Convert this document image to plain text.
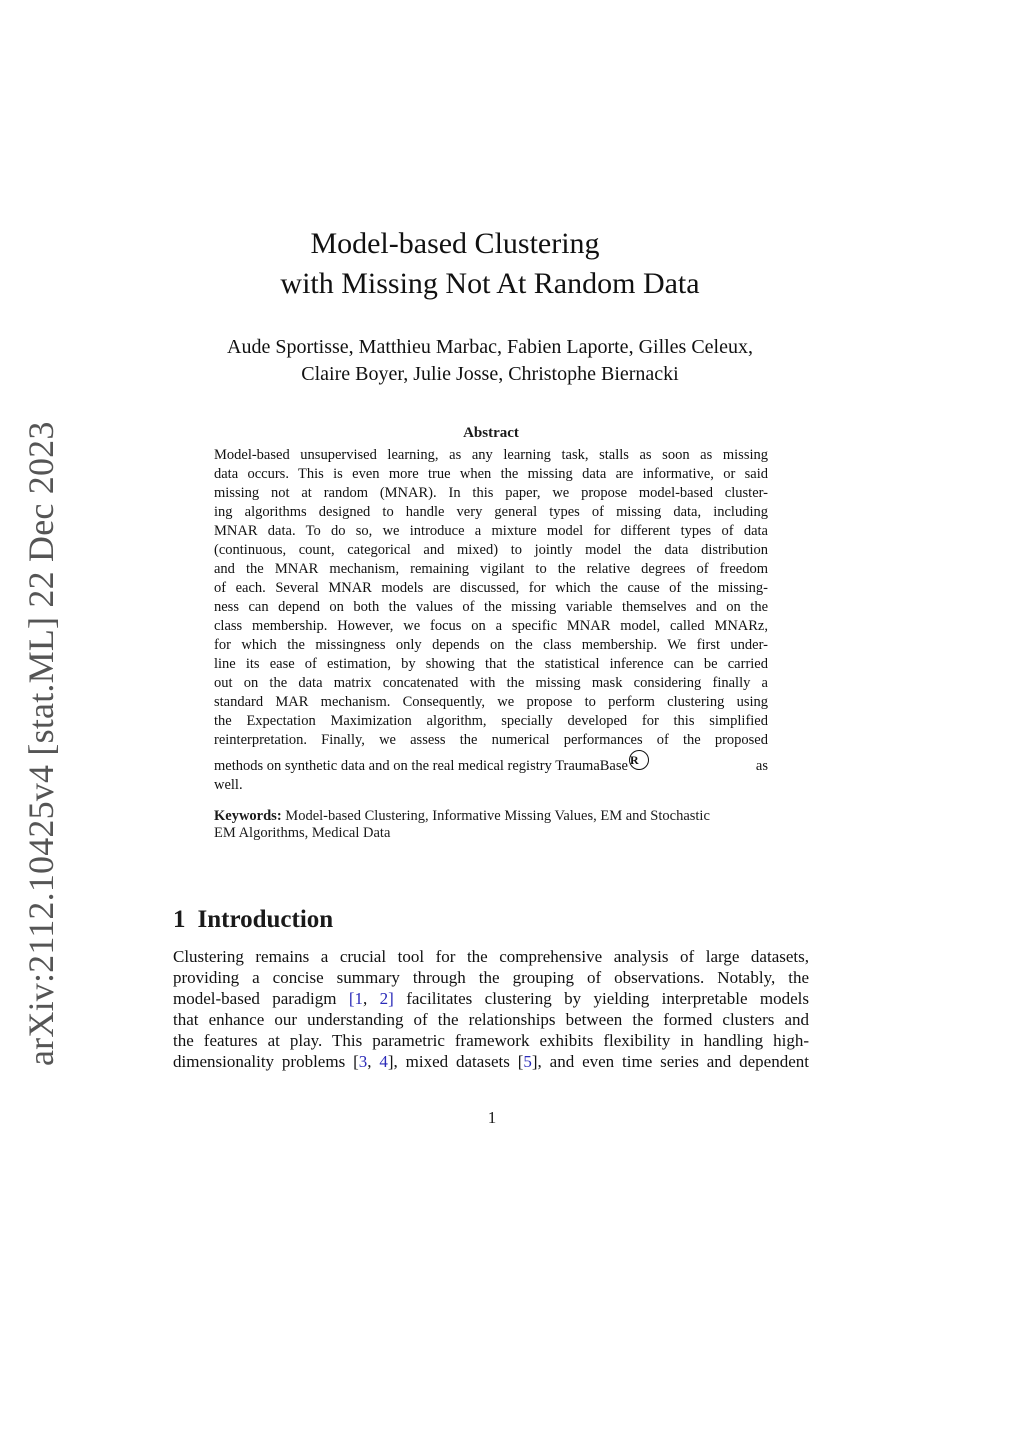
arXiv:2112.10425v4 [stat.ML] 22 Dec 2023
Model-based Clustering
with Missing Not At Random Data
Aude Sportisse, Matthieu Marbac, Fabien Laporte, Gilles Celeux,
Claire Boyer, Julie Josse, Christophe Biernacki
Abstract
Model-based unsupervised learning, as any learning task, stalls as soon as missing
data occurs. This is even more true when the missing data are informative, or said
missing not at random (MNAR). In this paper, we propose model-based cluster-
ing algorithms designed to handle very general types of missing data, including
MNAR data. To do so, we introduce a mixture model for different types of data
(continuous, count, categorical and mixed) to jointly model the data distribution
and the MNAR mechanism, remaining vigilant to the relative degrees of freedom
of each. Several MNAR models are discussed, for which the cause of the missing-
ness can depend on both the values of the missing variable themselves and on the
class membership. However, we focus on a specific MNAR model, called MNARz,
for which the missingness only depends on the class membership. We first under-
line its ease of estimation, by showing that the statistical inference can be carried
out on the data matrix concatenated with the missing mask considering finally a
standard MAR mechanism. Consequently, we propose to perform clustering using
the Expectation Maximization algorithm, specially developed for this simplified
reinterpretation. Finally, we assess the numerical performances of the proposed
methods on synthetic data and on the real medical registry TraumaBase R	as
well.
Keywords: Model-based Clustering, Informative Missing Values, EM and Stochastic
EM Algorithms, Medical Data
1 Introduction
Clustering remains a crucial tool for the comprehensive analysis of large datasets,
providing a concise summary through the grouping of observations. Notably, the
model-based paradigm [1, 2] facilitates clustering by yielding interpretable models
that enhance our understanding of the relationships between the formed clusters and
the features at play. This parametric framework exhibits flexibility in handling high-
dimensionality problems [3, 4], mixed datasets [5], and even time series and dependent
1
